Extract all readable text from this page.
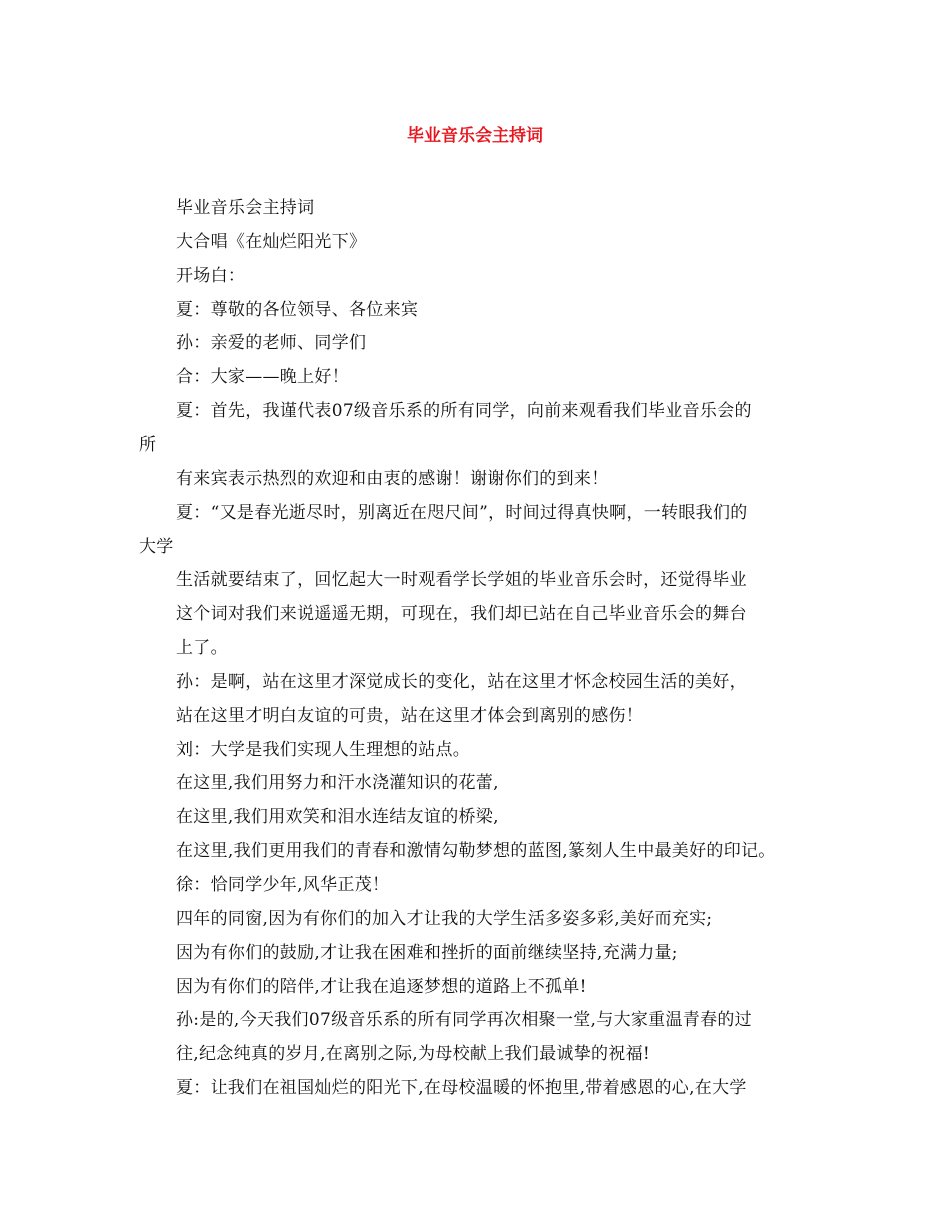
毕业音乐会主持词
毕业音乐会主持词
大合唱《在灿烂阳光下》
开场白：
夏：尊敬的各位领导、各位来宾
孙：亲爱的老师、同学们
合：大家——晚上好！
夏：首先，我谨代表07级音乐系的所有同学，向前来观看我们毕业音乐会的
所
有来宾表示热烈的欢迎和由衷的感谢！谢谢你们的到来！
夏：“又是春光逝尽时，别离近在咫尺间”，时间过得真快啊，一转眼我们的
大学
生活就要结束了，回忆起大一时观看学长学姐的毕业音乐会时，还觉得毕业
这个词对我们来说遥遥无期，可现在，我们却已站在自己毕业音乐会的舞台
上了。
孙：是啊，站在这里才深觉成长的变化，站在这里才怀念校园生活的美好，
站在这里才明白友谊的可贵，站在这里才体会到离别的感伤！
刘：大学是我们实现人生理想的站点。
在这里,我们用努力和汗水浇灌知识的花蕾,
在这里,我们用欢笑和泪水连结友谊的桥梁,
在这里,我们更用我们的青春和激情勾勒梦想的蓝图,篆刻人生中最美好的印记。
徐：恰同学少年,风华正茂！
四年的同窗,因为有你们的加入才让我的大学生活多姿多彩,美好而充实;
因为有你们的鼓励,才让我在困难和挫折的面前继续坚持,充满力量;
因为有你们的陪伴,才让我在追逐梦想的道路上不孤单!
孙:是的,今天我们07级音乐系的所有同学再次相聚一堂,与大家重温青春的过
往,纪念纯真的岁月,在离别之际,为母校献上我们最诚挚的祝福!
夏：让我们在祖国灿烂的阳光下,在母校温暖的怀抱里,带着感恩的心,在大学
